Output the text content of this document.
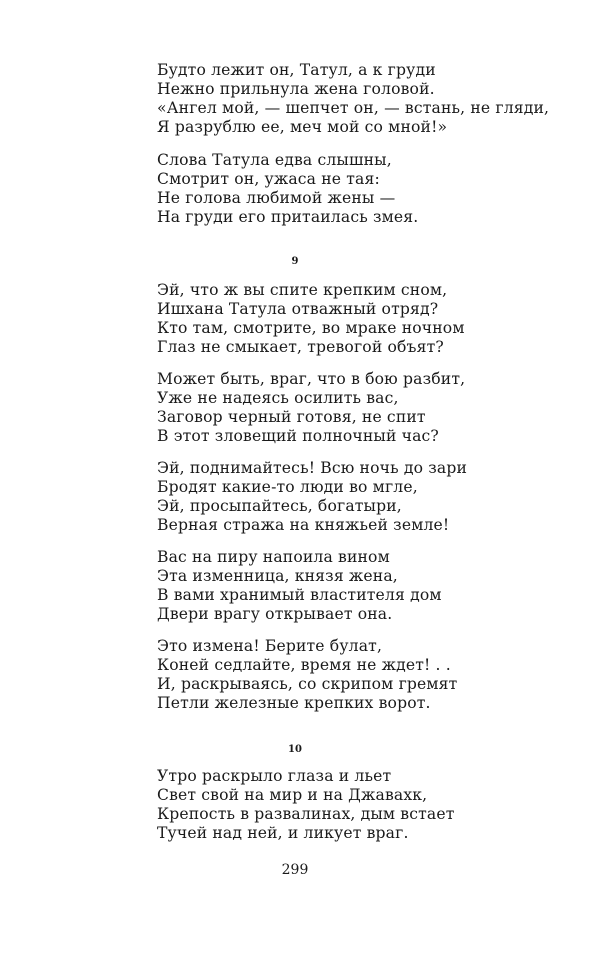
Будто лежит он, Татул, а к груди
Нежно прильнула жена головой.
«Ангел мой, — шепчет он, — встань, не гляди,
Я разрублю ее, меч мой со мной!»
Слова Татула едва слышны,
Смотрит он, ужаса не тая:
Не голова любимой жены —
На груди его притаилась змея.
9
Эй, что ж вы спите крепким сном,
Ишхана Татула отважный отряд?
Кто там, смотрите, во мраке ночном
Глаз не смыкает, тревогой объят?
Может быть, враг, что в бою разбит,
Уже не надеясь осилить вас,
Заговор черный готовя, не спит
В этот зловещий полночный час?
Эй, поднимайтесь! Всю ночь до зари
Бродят какие-то люди во мгле,
Эй, просыпайтесь, богатыри,
Верная стража на княжьей земле!
Вас на пиру напоила вином
Эта изменница, князя жена,
В вами хранимый властителя дом
Двери врагу открывает она.
Это измена! Берите булат,
Коней седлайте, время не ждет! . .
И, раскрываясь, со скрипом гремят
Петли железные крепких ворот.
10
Утро раскрыло глаза и льет
Свет свой на мир и на Джавахк,
Крепость в развалинах, дым встает
Тучей над ней, и ликует враг.
299
